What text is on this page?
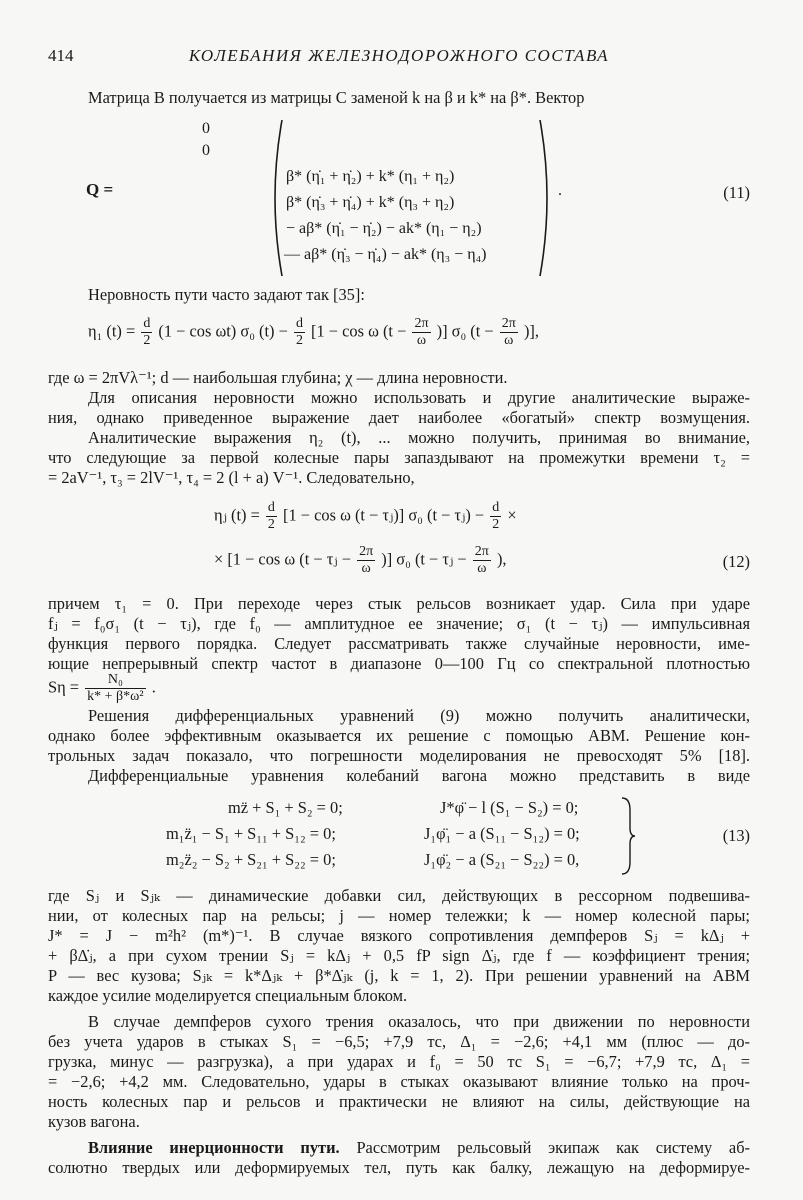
414	КОЛЕБАНИЯ ЖЕЛЕЗНОДОРОЖНОГО СОСТАВА
Матрица B получается из матрицы C заменой k на β и k* на β*. Вектор
Q =
0
0
β* (η̇₁ + η̇₂) + k* (η₁ + η₂)
β* (η̇₃ + η̇₄) + k* (η₃ + η₂)
− aβ* (η̇₁ − η̇₂) − ak* (η₁ − η₂)
— aβ* (η̇₃ − η̇₄) − ak* (η₃ − η₄)
.	(11)
Неровность пути часто задают так [35]:
η₁ $(t) = \frac{d}{2} (1 - \cos \omega t)$ σ₀ $(t) - \frac{d}{2} [1 - \cos \omega$ ($t - \frac{2\pi}{\omega}$ )] σ₀ ($t - \frac{2\pi}{\omega}$ )],
где ω = 2πVλ⁻¹; d — наибольшая глубина; χ — длина неровности.
Для описания неровности можно использовать и другие аналитические выраже-
ния, однако приведенное выражение дает наиболее «богатый» спектр возмущения.
Аналитические выражения η₂ (t), ... можно получить, принимая во внимание,
что следующие за первой колесные пары запаздывают на промежутки времени τ₂ =
= 2aV⁻¹, τ₃ = 2lV⁻¹, τ₄ = 2 (l + a) V⁻¹. Следовательно,
ηⱼ $(t) = \frac{d}{2} [1 - \cos \omega$ (t − τⱼ)] σ₀ (t − τⱼ) − $\frac{d}{2}$ ×
× [1 − cos ω (t − τⱼ − $\frac{2\pi}{\omega}$ )] σ₀ (t − τⱼ − $\frac{2\pi}{\omega}$ ),	(12)
причем τ₁ = 0. При переходе через стык рельсов возникает удар. Сила при ударе
fⱼ = f₀σ₁ (t − τⱼ), где f₀ — амплитудное ее значение; σ₁ (t − τⱼ) — импульсивная
функция первого порядка. Следует рассматривать также случайные неровности, име-
ющие непрерывный спектр частот в диапазоне 0—100 Гц со спектральной плотностью
$S\eta = \frac{\text{N₀}}{\text{k* + β*ω²}}$ .
Решения дифференциальных уравнений (9) можно получить аналитически,
однако более эффективным оказывается их решение с помощью АВМ. Решение кон-
трольных задач показало, что погрешности моделирования не превосходят 5% [18].
Дифференциальные уравнения колебаний вагона можно представить в виде
mz̈ + S₁ + S₂ = 0;
m₁z̈₁ − S₁ + S₁₁ + S₁₂ = 0;
m₂z̈₂ − S₂ + S₂₁ + S₂₂ = 0;
J*φ̈ − l (S₁ − S₂) = 0;
J₁φ̈₁ − a (S₁₁ − S₁₂) = 0;
J₁φ̈₂ − a (S₂₁ − S₂₂) = 0,
(13)
где Sⱼ и Sⱼₖ — динамические добавки сил, действующих в рессорном подвешива-
нии, от колесных пар на рельсы; j — номер тележки; k — номер колесной пары;
J* = J − m²h² (m*)⁻¹. В случае вязкого сопротивления демпферов Sⱼ = kΔⱼ +
+ βΔ̇ⱼ, а при сухом трении Sⱼ = kΔⱼ + 0,5 fP sign Δ̇ⱼ, где f — коэффициент трения;
P — вес кузова; Sⱼₖ = k*Δⱼₖ + β*Δ̇ⱼₖ (j, k = 1, 2). При решении уравнений на АВМ
каждое усилие моделируется специальным блоком.
В случае демпферов сухого трения оказалось, что при движении по неровности
без учета ударов в стыках S₁ = −6,5; +7,9 тс, Δ₁ = −2,6; +4,1 мм (плюс — до-
грузка, минус — разгрузка), а при ударах и f₀ = 50 тс S₁ = −6,7; +7,9 тс, Δ₁ =
= −2,6; +4,2 мм. Следовательно, удары в стыках оказывают влияние только на проч-
ность колесных пар и рельсов и практически не влияют на силы, действующие на
кузов вагона.
Влияние инерционности пути. Рассмотрим рельсовый экипаж как систему аб-
солютно твердых или деформируемых тел, путь как балку, лежащую на деформируе-
